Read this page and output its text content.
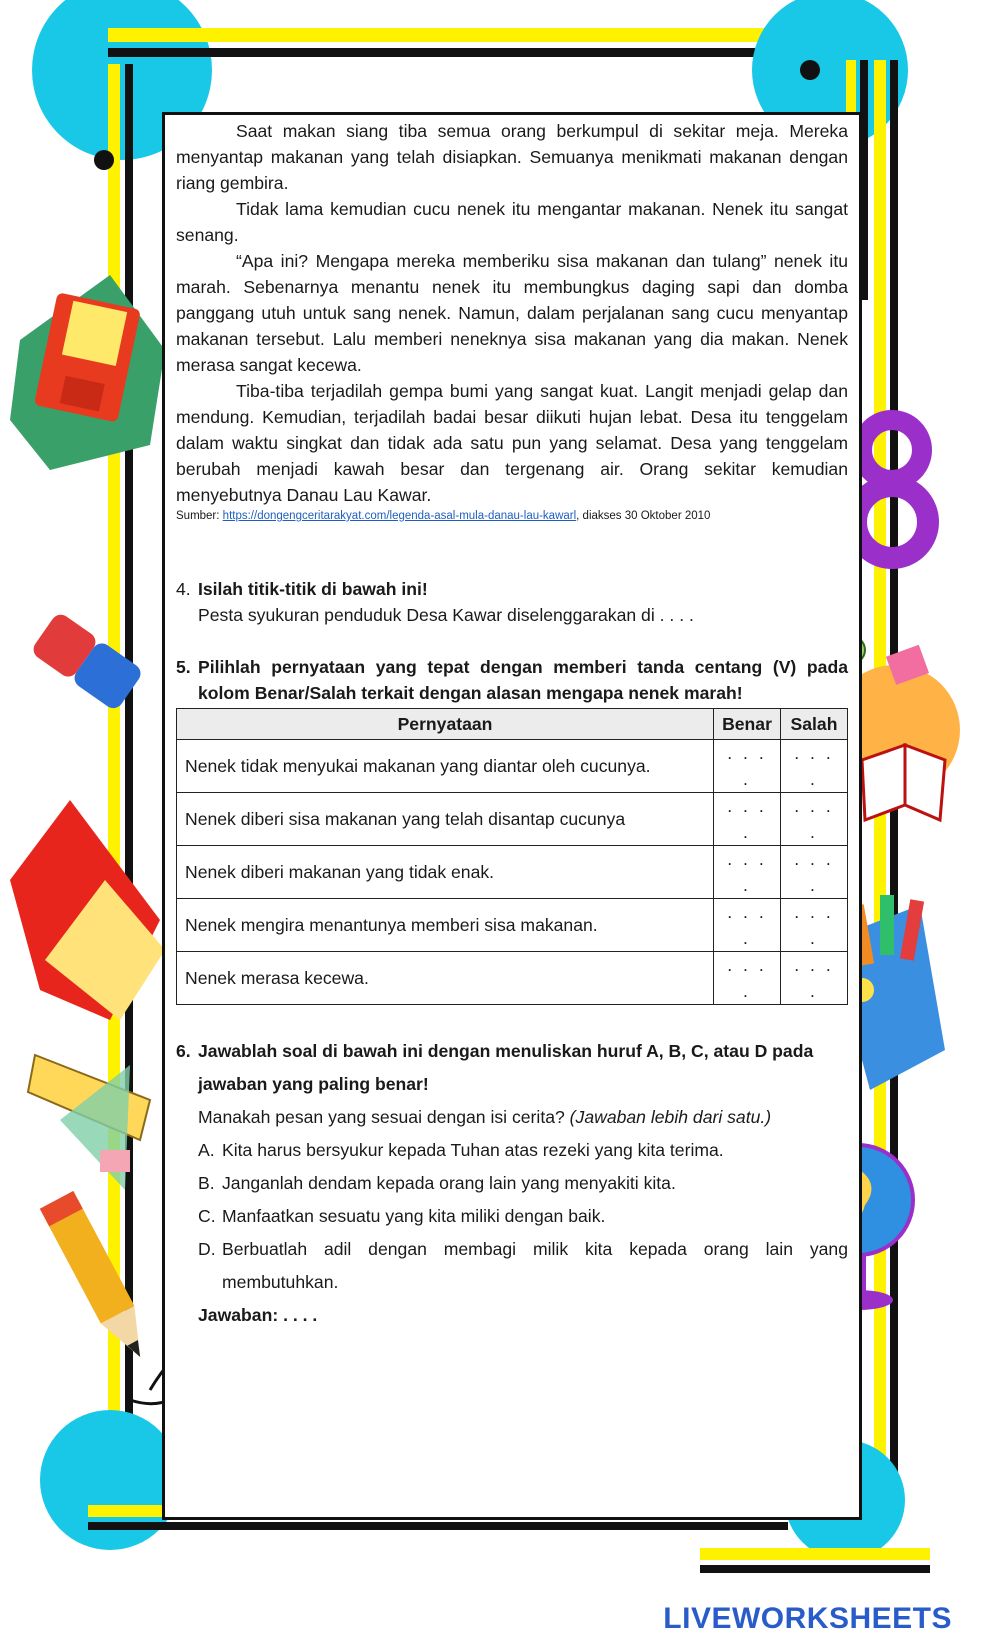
Saat makan siang tiba semua orang berkumpul di sekitar meja. Mereka menyantap makanan yang telah disiapkan. Semuanya menikmati makanan dengan riang gembira.

Tidak lama kemudian cucu nenek itu mengantar makanan. Nenek itu sangat senang.

“Apa ini? Mengapa mereka memberiku sisa makanan dan tulang” nenek itu marah. Sebenarnya menantu nenek itu membungkus daging sapi dan domba panggang utuh untuk sang nenek. Namun, dalam perjalanan sang cucu menyantap makanan tersebut. Lalu memberi neneknya sisa makanan yang dia makan. Nenek merasa sangat kecewa.

Tiba-tiba terjadilah gempa bumi yang sangat kuat. Langit menjadi gelap dan mendung. Kemudian, terjadilah badai besar diikuti hujan lebat. Desa itu tenggelam dalam waktu singkat dan tidak ada satu pun yang selamat. Desa yang tenggelam berubah menjadi kawah besar dan tergenang air. Orang sekitar kemudian menyebutnya Danau Lau Kawar.

Sumber: https://dongengceritarakyat.com/legenda-asal-mula-danau-lau-kawarl, diakses 30 Oktober 2010

4. Isilah titik-titik di bawah ini!
Pesta syukuran penduduk Desa Kawar diselenggarakan di . . . .
5. Pilihlah pernyataan yang tepat dengan memberi tanda centang (V) pada kolom Benar/Salah terkait dengan alasan mengapa nenek marah!
Pernyataan	Benar	Salah
Nenek tidak menyukai makanan yang diantar oleh cucunya.	. . . .	. . . .
Nenek diberi sisa makanan yang telah disantap cucunya	. . . .	. . . .
Nenek diberi makanan yang tidak enak.	. . . .	. . . .
Nenek mengira menantunya memberi sisa makanan.	. . . .	. . . .
Nenek merasa kecewa.	. . . .	. . . .
6. Jawablah soal di bawah ini dengan menuliskan huruf A, B, C, atau D pada jawaban yang paling benar!
Manakah pesan yang sesuai dengan isi cerita? (Jawaban lebih dari satu.)
A. Kita harus bersyukur kepada Tuhan atas rezeki yang kita terima.
B. Janganlah dendam kepada orang lain yang menyakiti kita.
C. Manfaatkan sesuatu yang kita miliki dengan baik.
D. Berbuatlah adil dengan membagi milik kita kepada orang lain yang membutuhkan.
Jawaban: . . . .
LIVEWORKSHEETS
